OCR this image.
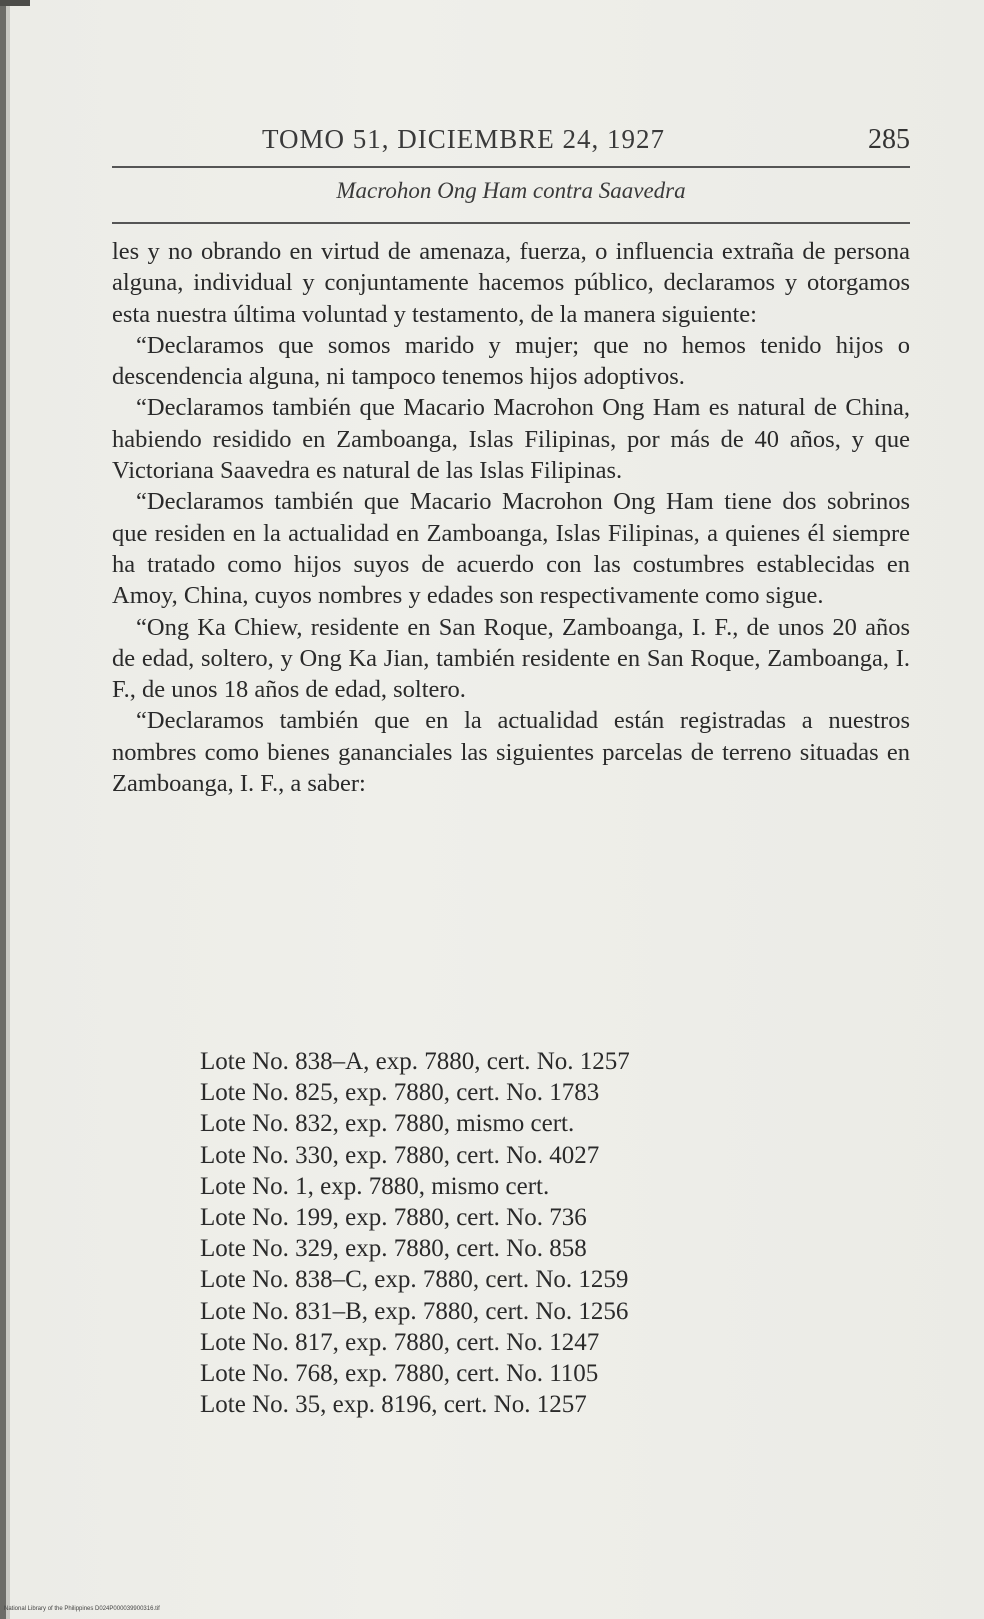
TOMO 51, DICIEMBRE 24, 1927	285
Macrohon Ong Ham contra Saavedra

les y no obrando en virtud de amenaza, fuerza, o influencia extraña de persona alguna, individual y conjuntamente hacemos público, declaramos y otorgamos esta nuestra última voluntad y testamento, de la manera siguiente:

“Declaramos que somos marido y mujer; que no hemos tenido hijos o descendencia alguna, ni tampoco tenemos hijos adoptivos.

“Declaramos también que Macario Macrohon Ong Ham es natural de China, habiendo residido en Zamboanga, Islas Filipinas, por más de 40 años, y que Victoriana Saavedra es natural de las Islas Filipinas.

“Declaramos también que Macario Macrohon Ong Ham tiene dos sobrinos que residen en la actualidad en Zamboanga, Islas Filipinas, a quienes él siempre ha tratado como hijos suyos de acuerdo con las costumbres establecidas en Amoy, China, cuyos nombres y edades son respectivamente como sigue.

“Ong Ka Chiew, residente en San Roque, Zamboanga, I. F., de unos 20 años de edad, soltero, y Ong Ka Jian, también residente en San Roque, Zamboanga, I. F., de unos 18 años de edad, soltero.

“Declaramos también que en la actualidad están registradas a nuestros nombres como bienes gananciales las siguientes parcelas de terreno situadas en Zamboanga, I. F., a saber:

Lote No. 838–A, exp. 7880, cert. No. 1257
Lote No. 825, exp. 7880, cert. No. 1783
Lote No. 832, exp. 7880, mismo cert.
Lote No. 330, exp. 7880, cert. No. 4027
Lote No. 1, exp. 7880, mismo cert.
Lote No. 199, exp. 7880, cert. No. 736
Lote No. 329, exp. 7880, cert. No. 858
Lote No. 838–C, exp. 7880, cert. No. 1259
Lote No. 831–B, exp. 7880, cert. No. 1256
Lote No. 817, exp. 7880, cert. No. 1247
Lote No. 768, exp. 7880, cert. No. 1105
Lote No. 35, exp. 8196, cert. No. 1257
National Library of the Philippines D024P000039900316.tif
